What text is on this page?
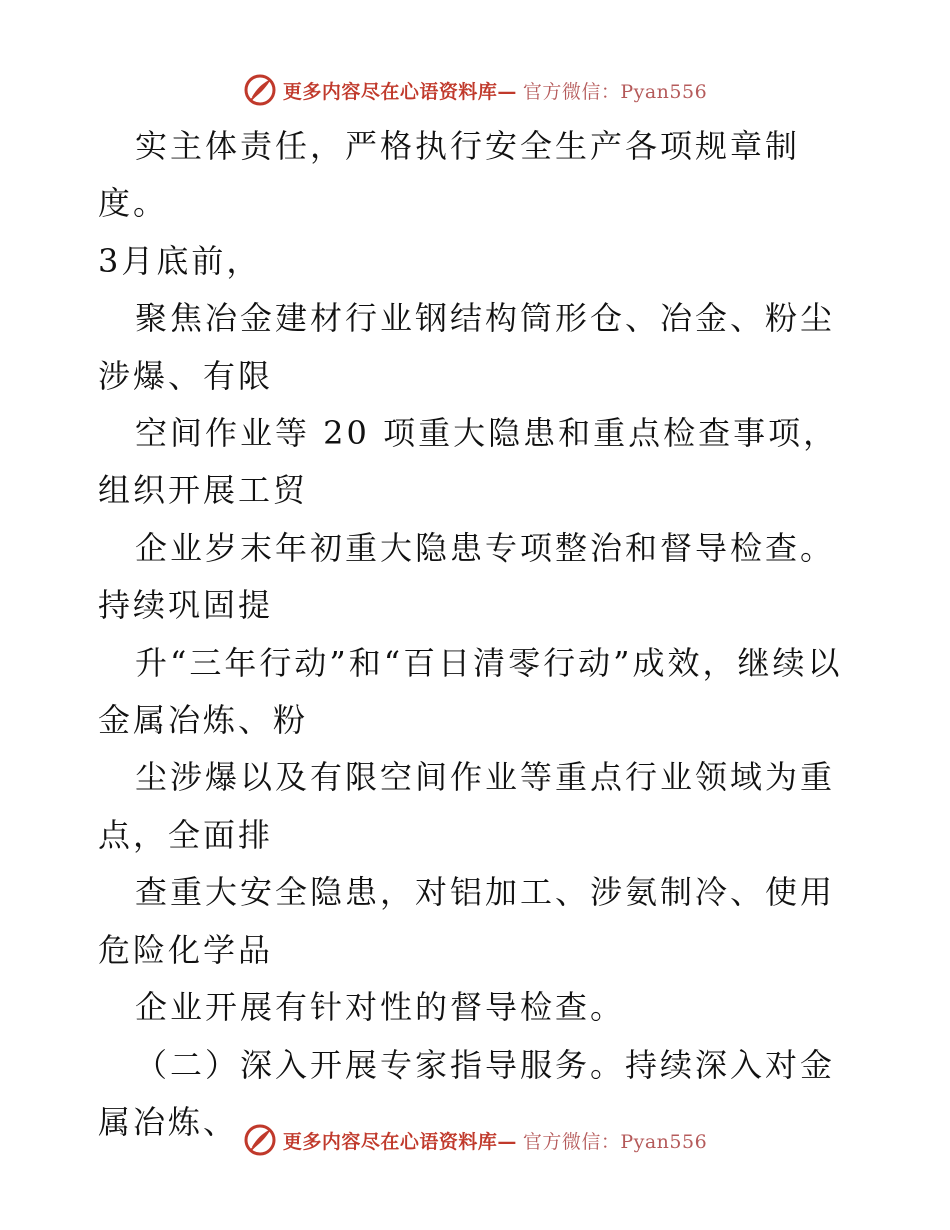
更多内容尽在心语资料库— 官方微信：Pyan556

实主体责任，严格执行安全生产各项规章制度。

3月底前，

聚焦冶金建材行业钢结构筒形仓、冶金、粉尘涉爆、有限

空间作业等 20 项重大隐患和重点检查事项，组织开展工贸

企业岁末年初重大隐患专项整治和督导检查。持续巩固提

升“三年行动”和“百日清零行动”成效，继续以金属冶炼、粉

尘涉爆以及有限空间作业等重点行业领域为重点，全面排

查重大安全隐患，对铝加工、涉氨制冷、使用危险化学品

企业开展有针对性的督导检查。

（二）深入开展专家指导服务。持续深入对金属冶炼、

更多内容尽在心语资料库— 官方微信：Pyan556
